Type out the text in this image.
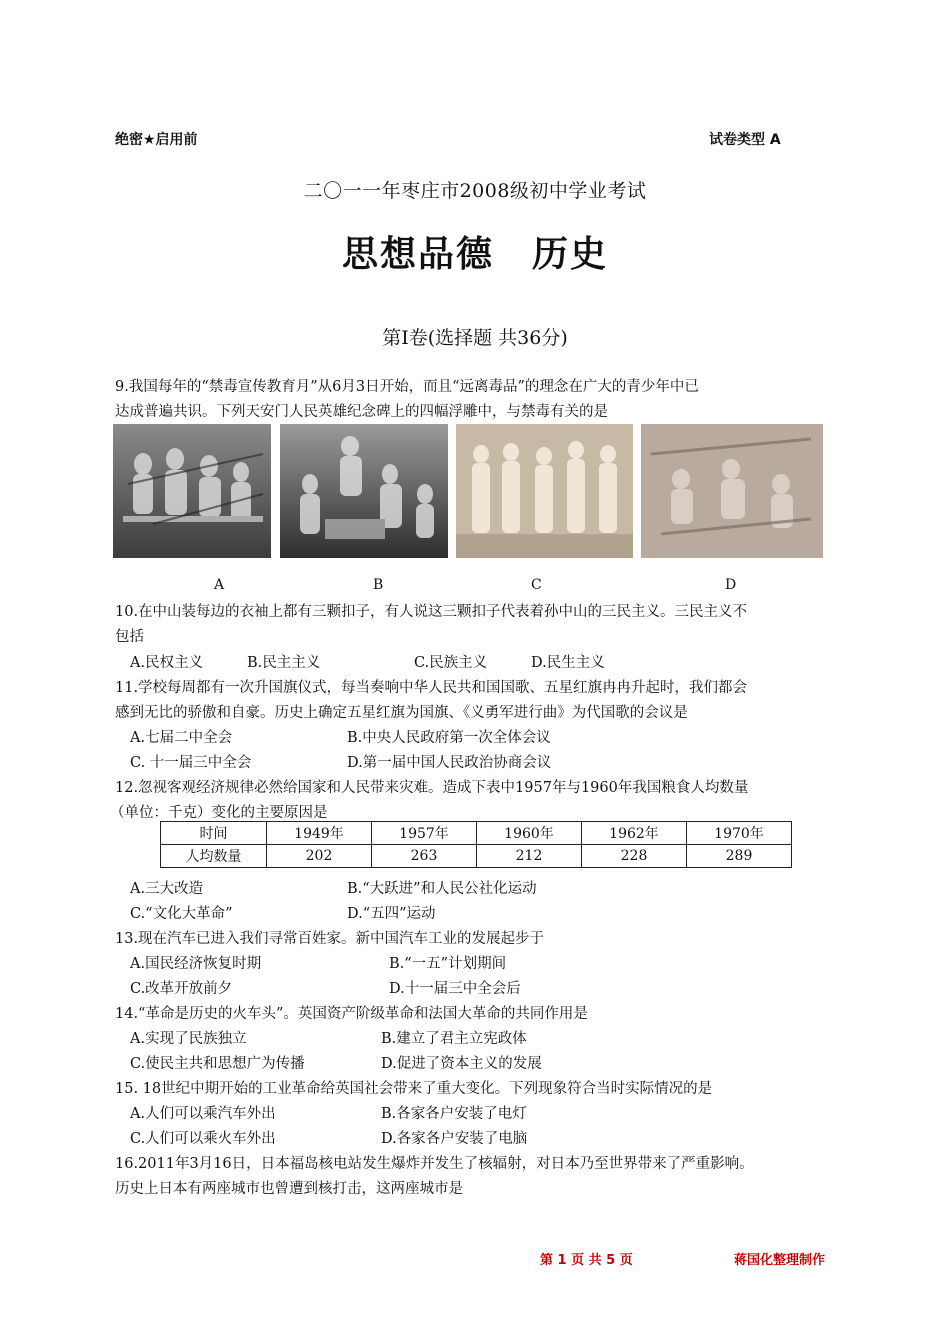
绝密★启用前	试卷类型 A
二〇一一年枣庄市2008级初中学业考试
思想品德　历史
第Ⅰ卷(选择题 共36分)
9.我国每年的“禁毒宣传教育月”从6月3日开始，而且“远离毒品”的理念在广大的青少年中已
达成普遍共识。下列天安门人民英雄纪念碑上的四幅浮雕中，与禁毒有关的是
A	B	C	D
10.在中山装每边的衣袖上都有三颗扣子，有人说这三颗扣子代表着孙中山的三民主义。三民主义不
包括
A.民权主义	B.民主主义	C.民族主义	D.民生主义
11.学校每周都有一次升国旗仪式，每当奏响中华人民共和国国歌、五星红旗冉冉升起时，我们都会
感到无比的骄傲和自豪。历史上确定五星红旗为国旗、《义勇军进行曲》为代国歌的会议是
A.七届二中全会	B.中央人民政府第一次全体会议
C. 十一届三中全会	D.第一届中国人民政治协商会议
12.忽视客观经济规律必然给国家和人民带来灾难。造成下表中1957年与1960年我国粮食人均数量
（单位：千克）变化的主要原因是
时间	1949年	1957年	1960年	1962年	1970年
人均数量	202	263	212	228	289
A.三大改造	B.“大跃进”和人民公社化运动
C.“文化大革命”	D.“五四”运动
13.现在汽车已进入我们寻常百姓家。新中国汽车工业的发展起步于
A.国民经济恢复时期	B.“一五”计划期间
C.改革开放前夕	D.十一届三中全会后
14.“革命是历史的火车头”。英国资产阶级革命和法国大革命的共同作用是
A.实现了民族独立	B.建立了君主立宪政体
C.使民主共和思想广为传播	D.促进了资本主义的发展
15. 18世纪中期开始的工业革命给英国社会带来了重大变化。下列现象符合当时实际情况的是
A.人们可以乘汽车外出	B.各家各户安装了电灯
C.人们可以乘火车外出	D.各家各户安装了电脑
16.2011年3月16日，日本福岛核电站发生爆炸并发生了核辐射，对日本乃至世界带来了严重影响。
历史上日本有两座城市也曾遭到核打击，这两座城市是
第 1 页 共 5 页	蒋国化整理制作
